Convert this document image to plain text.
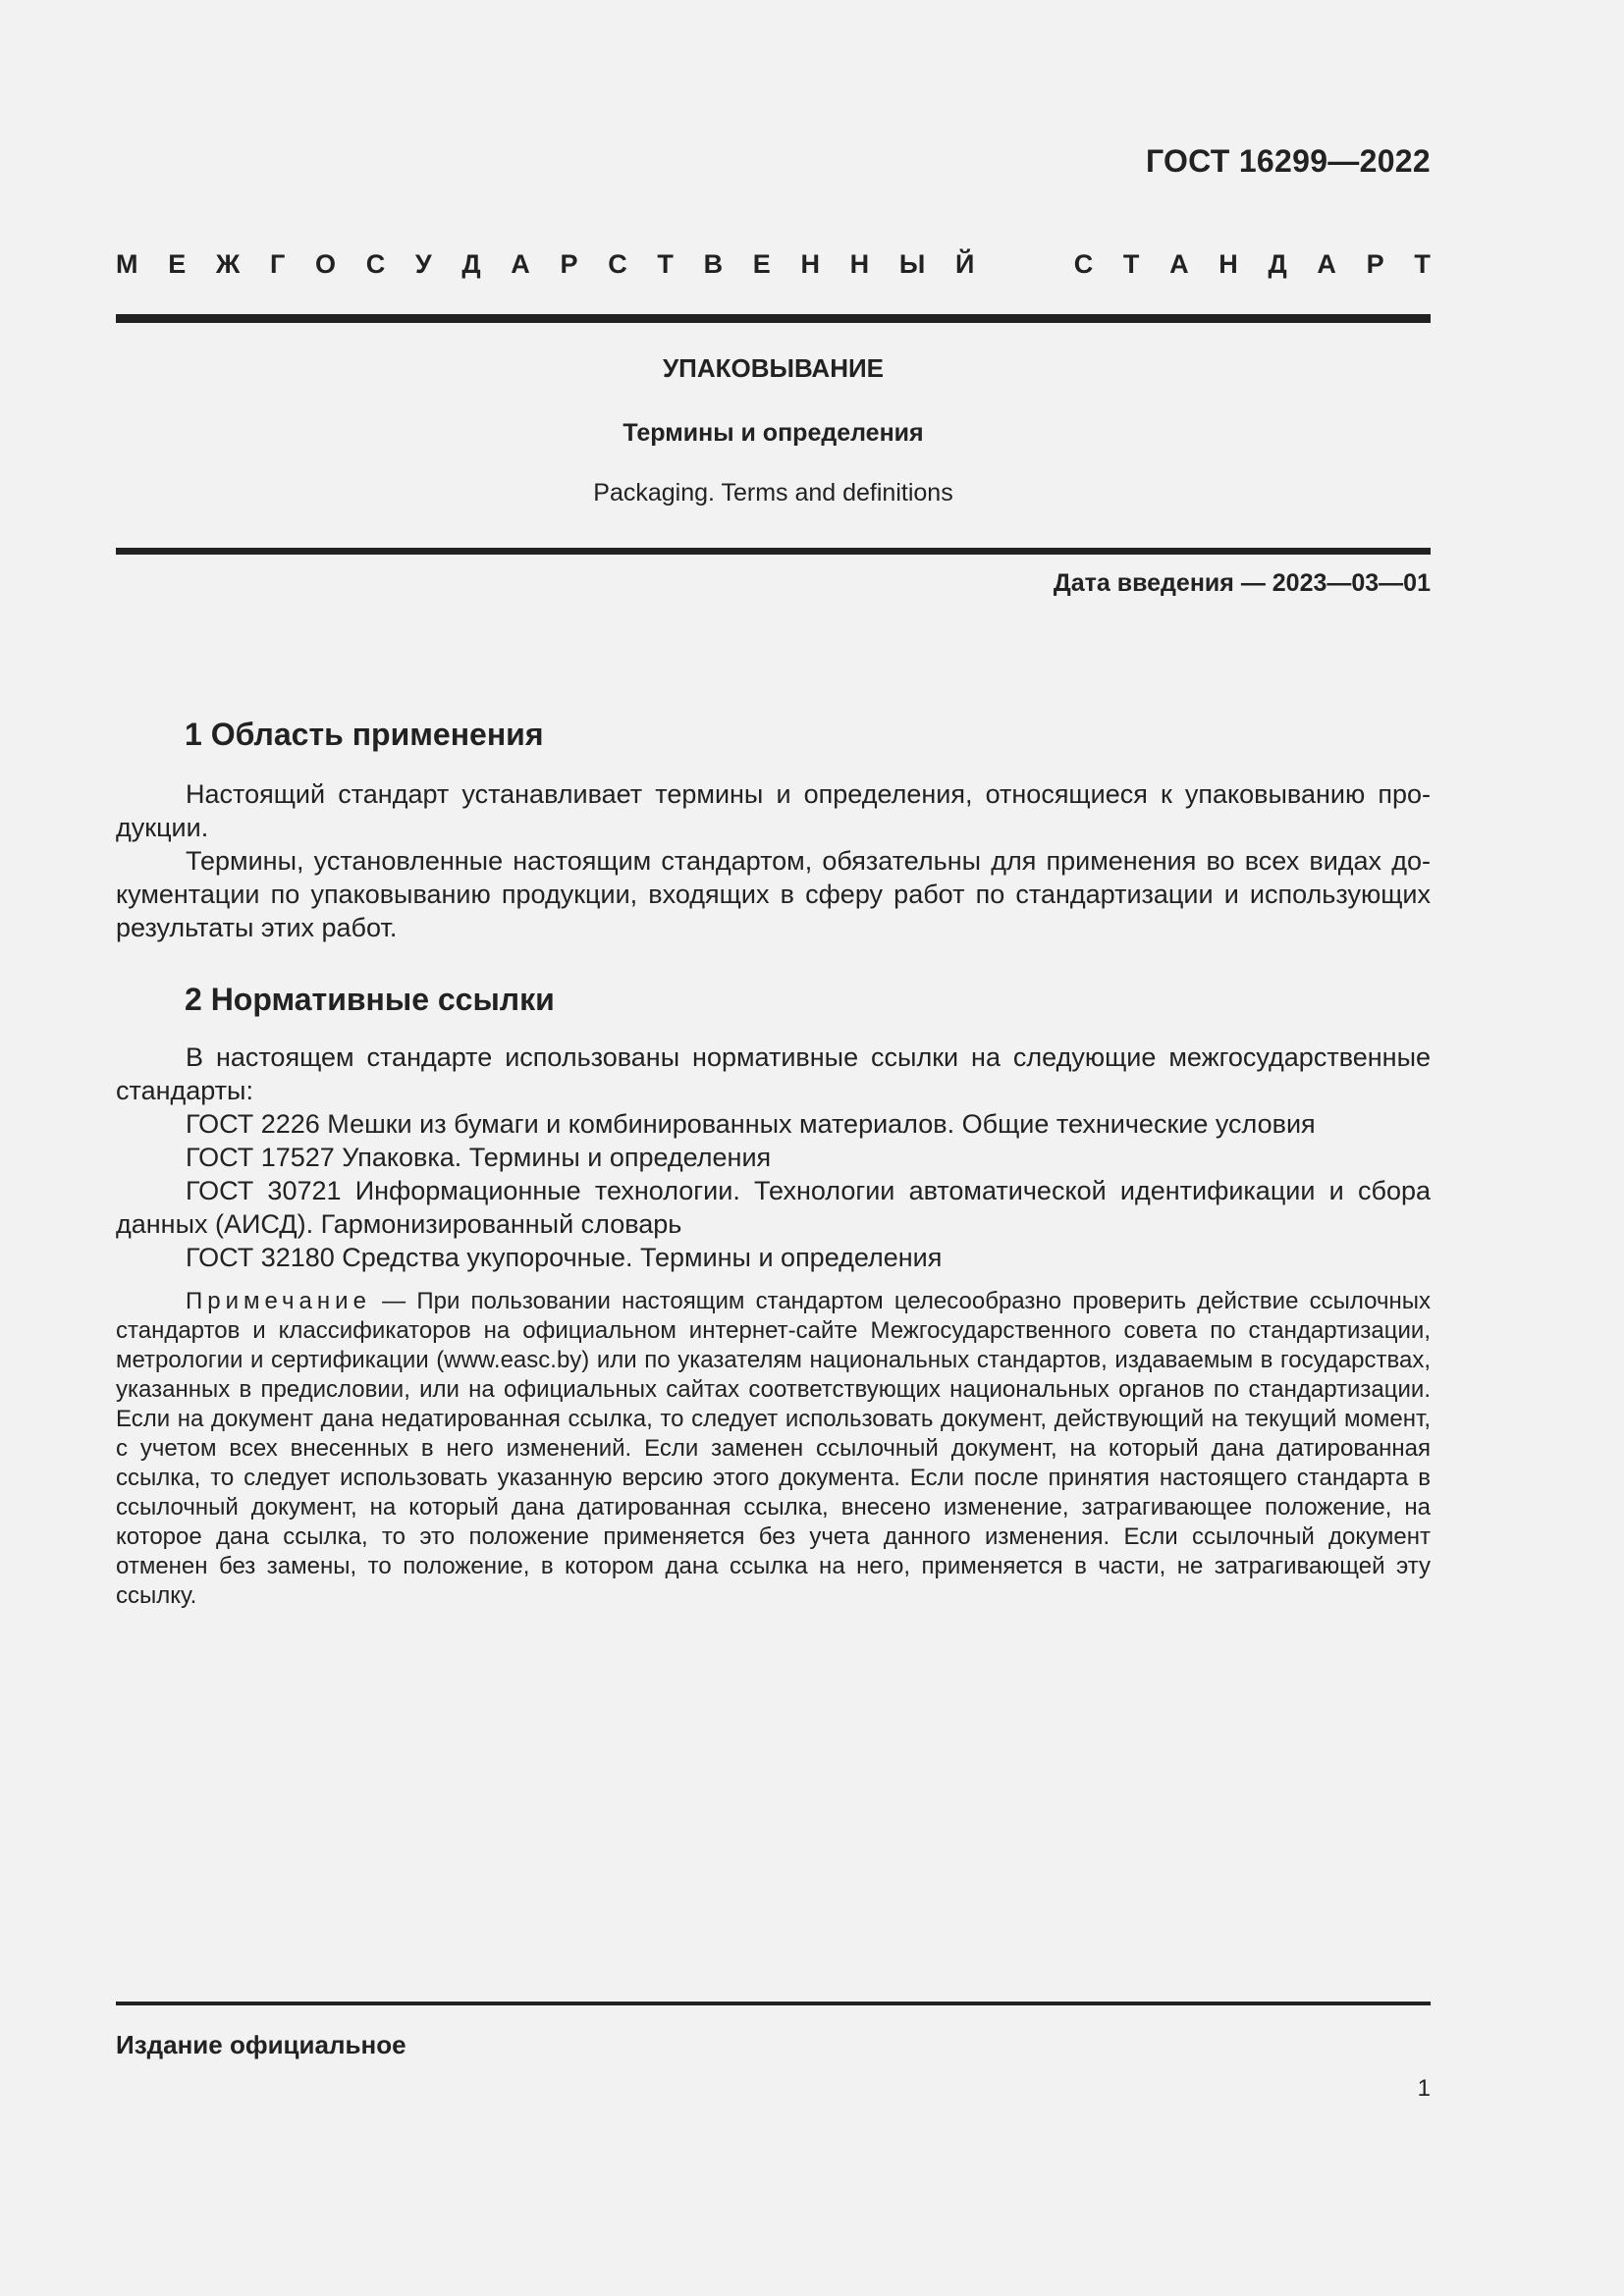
ГОСТ 16299—2022
М Е Ж Г О С У Д А Р С Т В Е Н Н Ы Й	С Т А Н Д А Р Т
УПАКОВЫВАНИЕ
Термины и определения
Packaging. Terms and definitions
Дата введения — 2023—03—01
1 Область применения

Настоящий стандарт устанавливает термины и определения, относящиеся к упаковыванию продукции.

Термины, установленные настоящим стандартом, обязательны для применения во всех видах документации по упаковыванию продукции, входящих в сферу работ по стандартизации и использующих результаты этих работ.

2 Нормативные ссылки

В настоящем стандарте использованы нормативные ссылки на следующие межгосударственные стандарты:

ГОСТ 2226 Мешки из бумаги и комбинированных материалов. Общие технические условия

ГОСТ 17527 Упаковка. Термины и определения

ГОСТ 30721 Информационные технологии. Технологии автоматической идентификации и сбора данных (АИСД). Гармонизированный словарь

ГОСТ 32180 Средства укупорочные. Термины и определения

Примечание — При пользовании настоящим стандартом целесообразно проверить действие ссылочных стандартов и классификаторов на официальном интернет-сайте Межгосударственного совета по стандартизации, метрологии и сертификации (www.easc.by) или по указателям национальных стандартов, издаваемым в государствах, указанных в предисловии, или на официальных сайтах соответствующих национальных органов по стандартизации. Если на документ дана недатированная ссылка, то следует использовать документ, действующий на текущий момент, с учетом всех внесенных в него изменений. Если заменен ссылочный документ, на который дана датированная ссылка, то следует использовать указанную версию этого документа. Если после принятия настоящего стандарта в ссылочный документ, на который дана датированная ссылка, внесено изменение, затрагивающее положение, на которое дана ссылка, то это положение применяется без учета данного изменения. Если ссылочный документ отменен без замены, то положение, в котором дана ссылка на него, применяется в части, не затрагивающей эту ссылку.

Издание официальное
1
